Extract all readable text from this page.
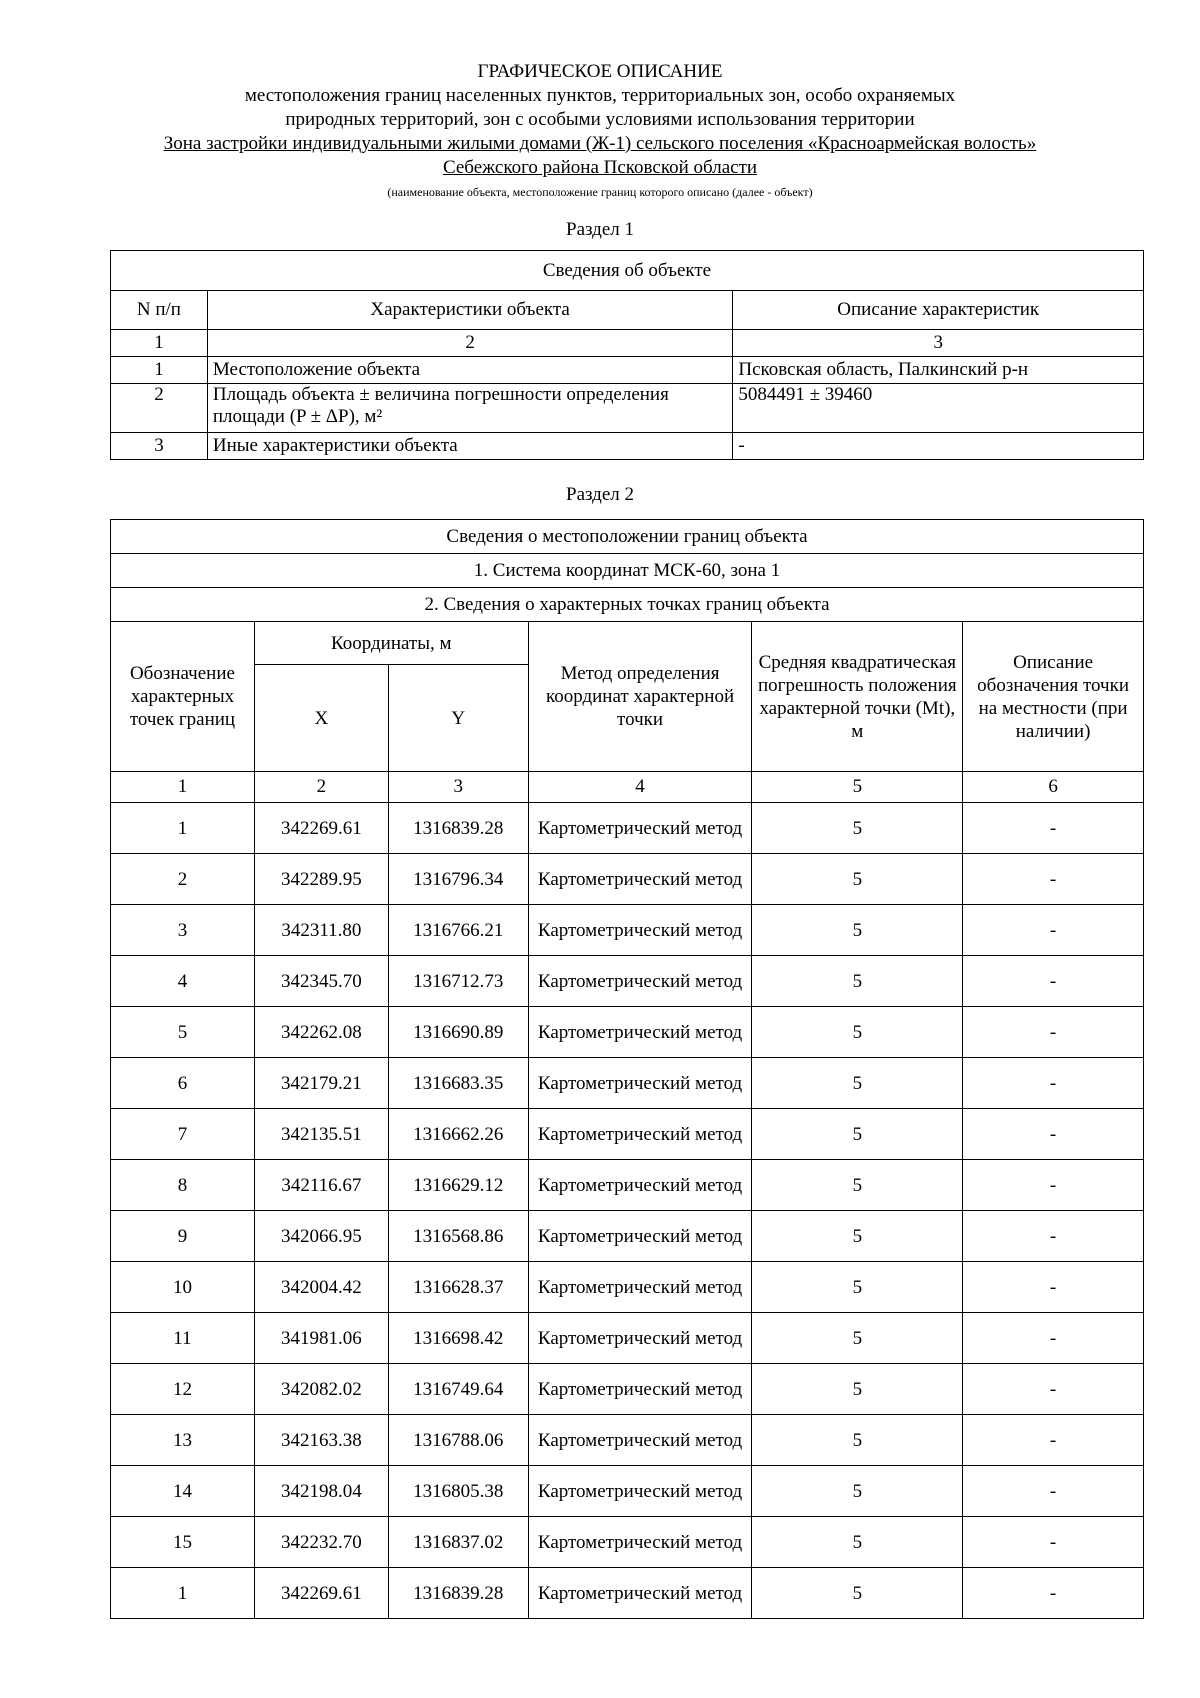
ГРАФИЧЕСКОЕ ОПИСАНИЕ
местоположения границ населенных пунктов, территориальных зон, особо охраняемых
природных территорий, зон с особыми условиями использования территории
Зона застройки индивидуальными жилыми домами (Ж-1) сельского поселения «Красноармейская волость»
Себежского района Псковской области
(наименование объекта, местоположение границ которого описано (далее - объект)
Раздел 1
Сведения об объекте		
N п/п	Характеристики объекта	Описание характеристик
1	2	3
1	Местоположение объекта	Псковская область, Палкинский р-н
2	Площадь объекта ± величина погрешности определения площади (P ± ΔP), м²	5084491 ± 39460
3	Иные характеристики объекта	-
Раздел 2
Сведения о местоположении границ объекта					
1. Система координат МСК-60, зона 1					
2. Сведения о характерных точках границ объекта					
Обозначение характерных точек границ	Координаты, м		Метод определения координат характерной точки	Средняя квадратическая погрешность положения характерной точки (Mt), м	Описание обозначения точки на местности (при наличии)
	X	Y			
1	2	3	4	5	6
1	342269.61	1316839.28	Картометрический метод	5	-
2	342289.95	1316796.34	Картометрический метод	5	-
3	342311.80	1316766.21	Картометрический метод	5	-
4	342345.70	1316712.73	Картометрический метод	5	-
5	342262.08	1316690.89	Картометрический метод	5	-
6	342179.21	1316683.35	Картометрический метод	5	-
7	342135.51	1316662.26	Картометрический метод	5	-
8	342116.67	1316629.12	Картометрический метод	5	-
9	342066.95	1316568.86	Картометрический метод	5	-
10	342004.42	1316628.37	Картометрический метод	5	-
11	341981.06	1316698.42	Картометрический метод	5	-
12	342082.02	1316749.64	Картометрический метод	5	-
13	342163.38	1316788.06	Картометрический метод	5	-
14	342198.04	1316805.38	Картометрический метод	5	-
15	342232.70	1316837.02	Картометрический метод	5	-
1	342269.61	1316839.28	Картометрический метод	5	-
